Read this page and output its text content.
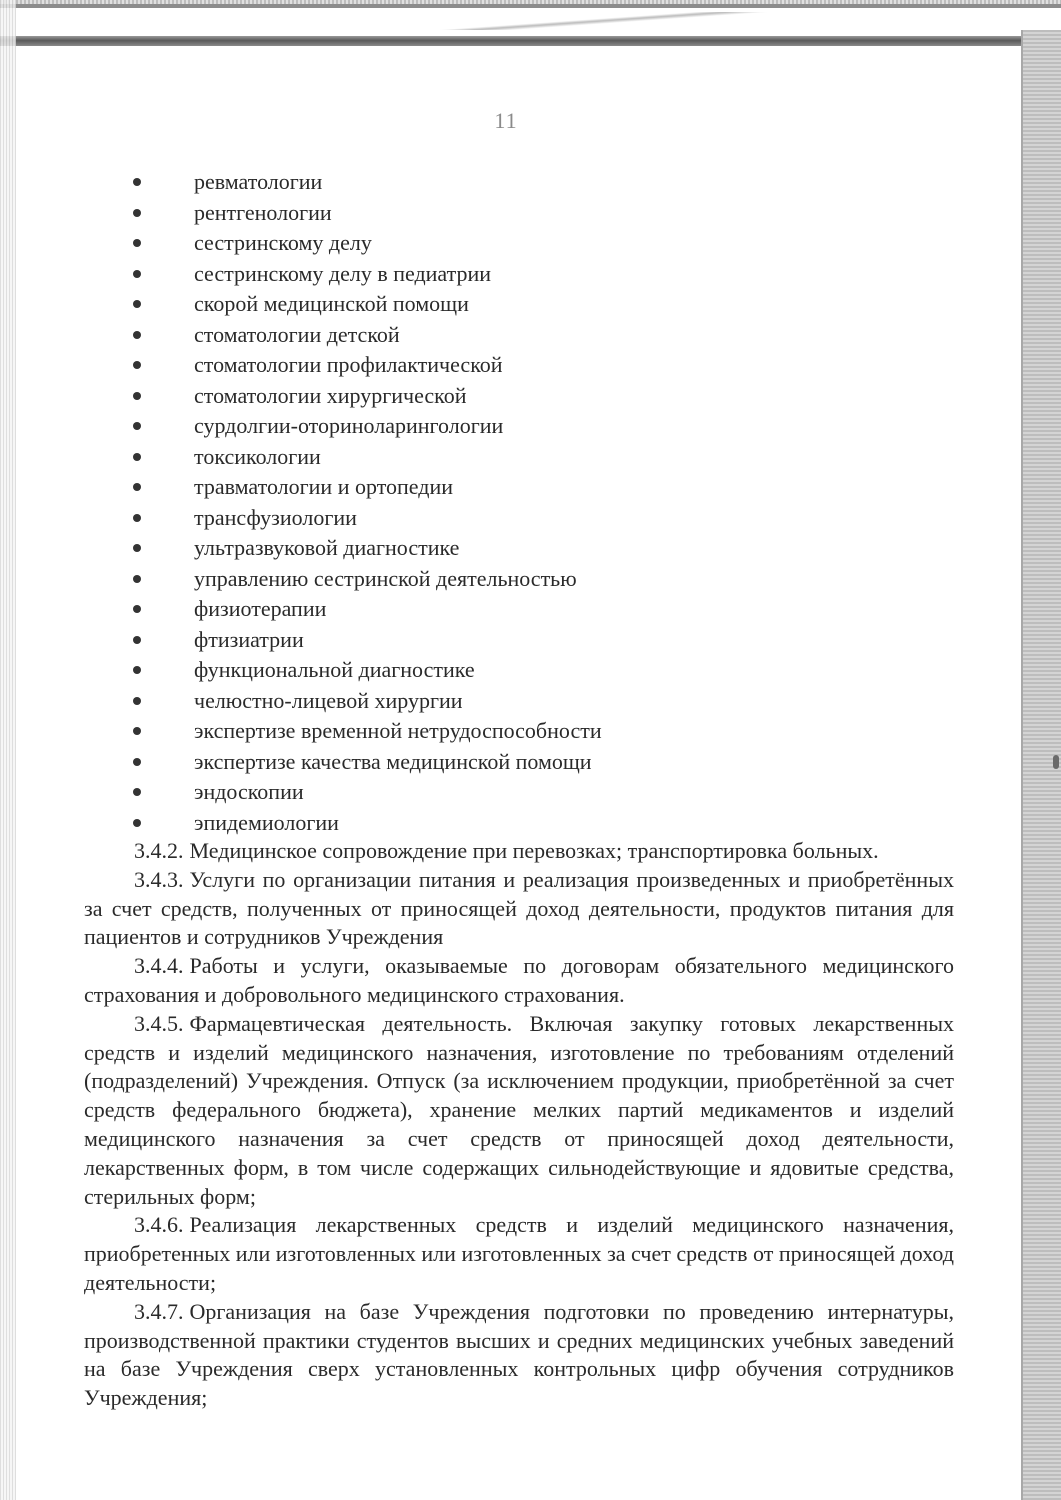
11
ревматологии
рентгенологии
сестринскому делу
сестринскому делу в педиатрии
скорой медицинской помощи
стоматологии детской
стоматологии профилактической
стоматологии хирургической
сурдолгии-оториноларингологии
токсикологии
травматологии и ортопедии
трансфузиологии
ультразвуковой диагностике
управлению сестринской деятельностью
физиотерапии
фтизиатрии
функциональной диагностике
челюстно-лицевой хирургии
экспертизе временной нетрудоспособности
экспертизе качества медицинской помощи
эндоскопии
эпидемиологии

3.4.2. Медицинское сопровождение при перевозках; транспортировка больных.

3.4.3. Услуги по организации питания и реализация произведенных и приобретённых за счет средств, полученных от приносящей доход деятельности, продуктов питания для пациентов и сотрудников Учреждения

3.4.4. Работы и услуги, оказываемые по договорам обязательного медицинского страхования и добровольного медицинского страхования.

3.4.5. Фармацевтическая деятельность. Включая закупку готовых лекарственных средств и изделий медицинского назначения, изготовление по требованиям отделений (подразделений) Учреждения. Отпуск (за исключением продукции, приобретённой за счет средств федерального бюджета), хранение мелких партий медикаментов и изделий медицинского назначения за счет средств от приносящей доход деятельности, лекарственных форм, в том числе содержащих сильнодействующие и ядовитые средства, стерильных форм;

3.4.6. Реализация лекарственных средств и изделий медицинского назначения, приобретенных или изготовленных или изготовленных за счет средств от приносящей доход деятельности;

3.4.7. Организация на базе Учреждения подготовки по проведению интернатуры, производственной практики студентов высших и средних медицинских учебных заведений на базе Учреждения сверх установленных контрольных цифр обучения сотрудников Учреждения;
